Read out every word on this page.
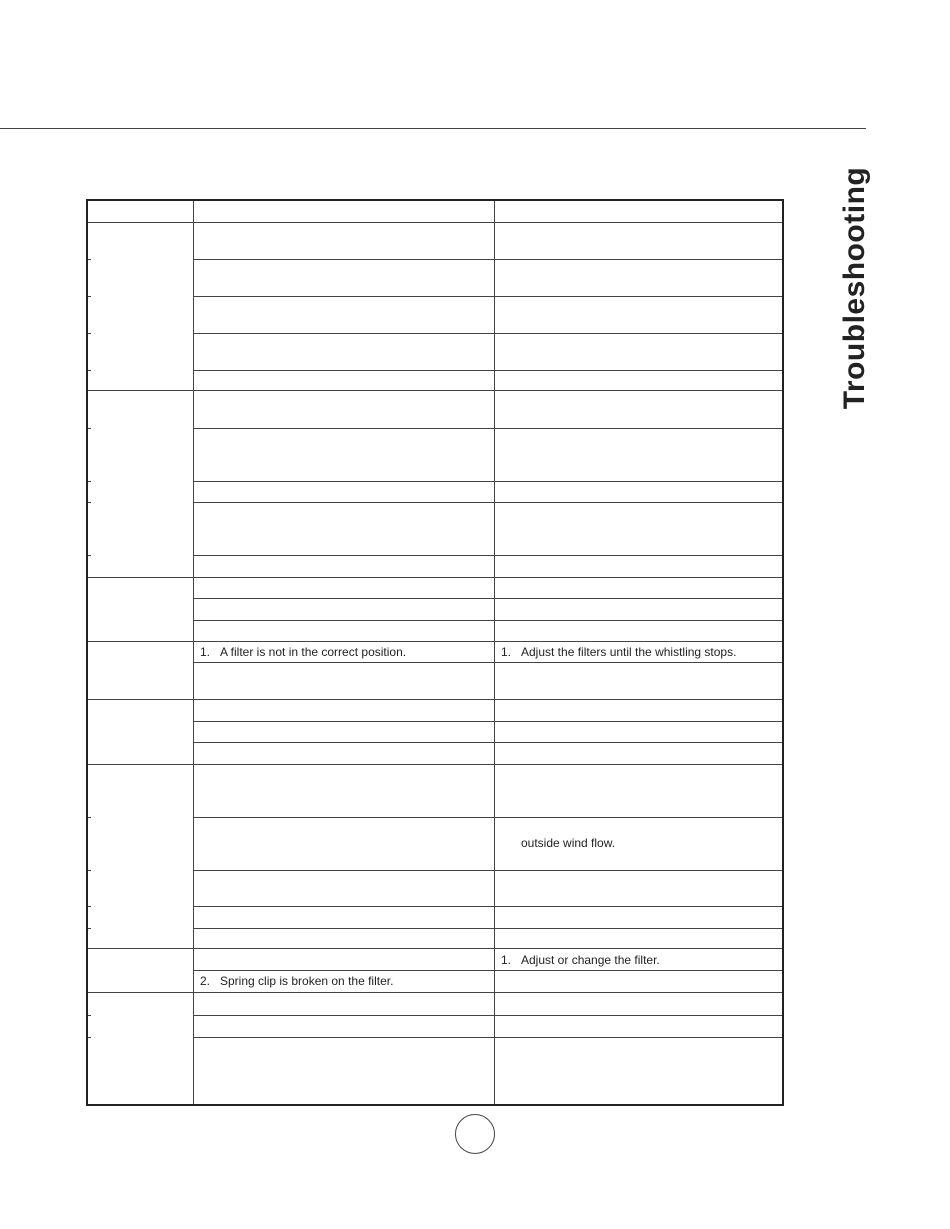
Troubleshooting
1. A filter is not in the correct position.	1. Adjust the filters until the whistling stops.
outside wind flow.
1. Adjust or change the filter.
2. Spring clip is broken on the filter.
